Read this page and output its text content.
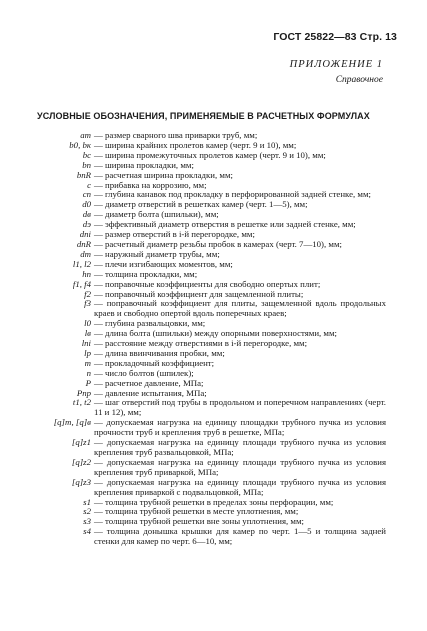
ГОСТ 25822—83 Стр. 13
ПРИЛОЖЕНИЕ 1
Справочное
УСЛОВНЫЕ ОБОЗНАЧЕНИЯ, ПРИМЕНЯЕМЫЕ В РАСЧЕТНЫХ ФОРМУЛАХ
aт — размер сварного шва приварки труб, мм;
b0, bк — ширина крайних пролетов камер (черт. 9 и 10), мм;
bс — ширина промежуточных пролетов камер (черт. 9 и 10), мм;
bп — ширина прокладки, мм;
bпR — расчетная ширина прокладки, мм;
c — прибавка на коррозию, мм;
cп — глубина канавок под прокладку в перфорированной задней стенке, мм;
d0 — диаметр отверстий в решетках камер (черт. 1—5), мм;
dв — диаметр болта (шпильки), мм;
dэ — эффективный диаметр отверстия в решетке или задней стенке, мм;
dпi — размер отверстий в i-й перегородке, мм;
dпR — расчетный диаметр резьбы пробок в камерах (черт. 7—10), мм;
dт — наружный диаметр трубы, мм;
l1, l2 — плечи изгибающих моментов, мм;
hп — толщина прокладки, мм;
f1, f4 — поправочные коэффициенты для свободно опертых плит;
f2 — поправочный коэффициент для защемленной плиты;
f3 — поправочный коэффициент для плиты, защемленной вдоль продольных краев и свободно опертой вдоль поперечных краев;
l0 — глубина развальцовки, мм;
lв — длина болта (шпильки) между опорными поверхностями, мм;
lпi — расстояние между отверстиями в i-й перегородке, мм;
lр — длина ввинчивания пробки, мм;
m — прокладочный коэффициент;
n — число болтов (шпилек);
P — расчетное давление, МПа;
Pпр — давление испытания, МПа;
t1, t2 — шаг отверстий под трубы в продольном и поперечном направлениях (черт. 11 и 12), мм;
[q]т, [q]в — допускаемая нагрузка на единицу площадки трубного пучка из условия прочности труб и крепления труб в решетке, МПа;
[q]z1 — допускаемая нагрузка на единицу площади трубного пучка из условия крепления труб развальцовкой, МПа;
[q]z2 — допускаемая нагрузка на единицу площади трубного пучка из условия крепления труб приваркой, МПа;
[q]z3 — допускаемая нагрузка на единицу площади трубного пучка из условия крепления приваркой с подвальцовкой, МПа;
s1 — толщина трубной решетки в пределах зоны перфорации, мм;
s2 — толщина трубной решетки в месте уплотнения, мм;
s3 — толщина трубной решетки вне зоны уплотнения, мм;
s4 — толщина донышка крышки для камер по черт. 1—5 и толщина задней стенки для камер по черт. 6—10, мм;
